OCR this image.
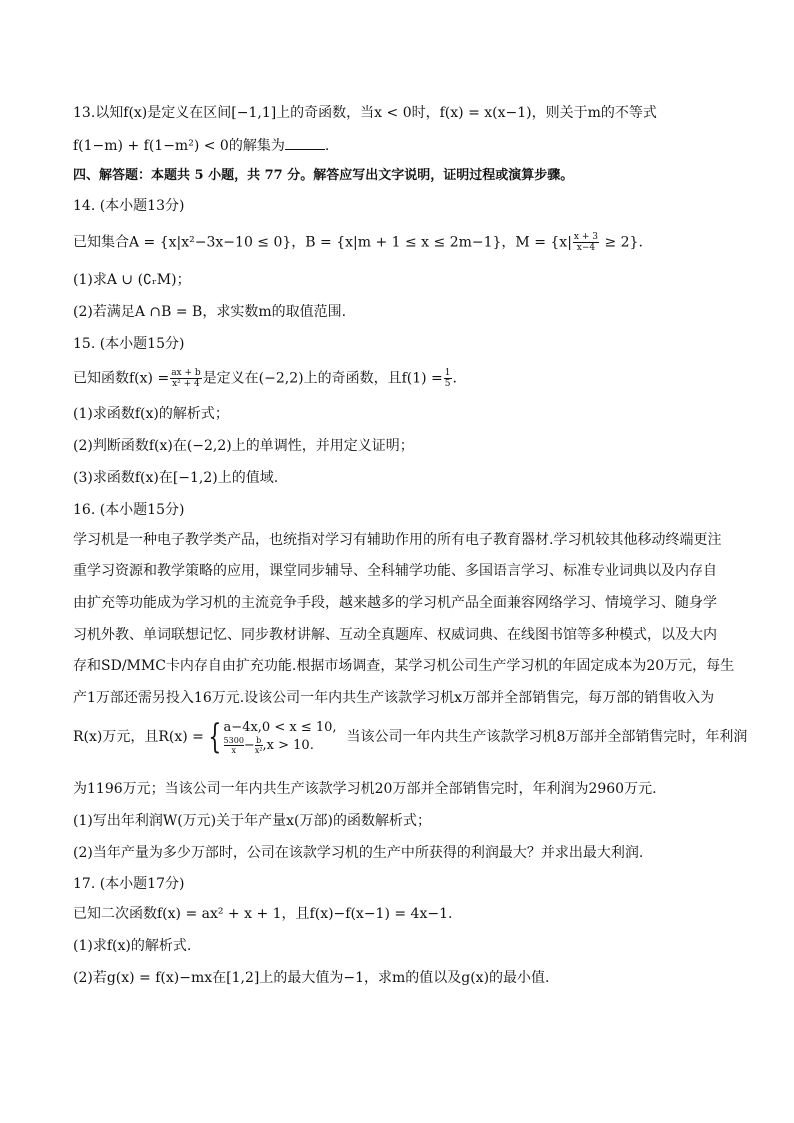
13.以知f(x)是定义在区间[−1,1]上的奇函数，当x < 0时，f(x) = x(x−1)，则关于m的不等式
f(1−m) + f(1−m²) < 0的解集为	.
四、解答题：本题共 5 小题，共 77 分。解答应写出文字说明，证明过程或演算步骤。
14. (本小题13分)
已知集合A = {x|x²−3x−10 ≤ 0}，B = {x|m + 1 ≤ x ≤ 2m−1}，$M = \{x| \frac{x + 3}{x-4} \ge 2\}$.
(1)求A ∪ (∁ᵣM)；
(2)若满足A ∩B = B，求实数m的取值范围.
15. (本小题15分)
已知函数$f(x) = \frac{ax + b}{\text{x² + 4}}$ 是定义在(−2,2)上的奇函数，且$f(1) = \frac{1}{5}$ .
(1)求函数f(x)的解析式；
(2)判断函数f(x)在(−2,2)上的单调性，并用定义证明；
(3)求函数f(x)在[−1,2)上的值域.
16. (本小题15分)
学习机是一种电子教学类产品，也统指对学习有辅助作用的所有电子教育器材.学习机较其他移动终端更注
重学习资源和教学策略的应用，课堂同步辅导、全科辅学功能、多国语言学习、标准专业词典以及内存自
由扩充等功能成为学习机的主流竞争手段，越来越多的学习机产品全面兼容网络学习、情境学习、随身学
习机外教、单词联想记忆、同步教材讲解、互动全真题库、权威词典、在线图书馆等多种模式，以及大内
存和SD/MMC卡内存自由扩充功能.根据市场调查，某学习机公司生产学习机的年固定成本为20万元，每生
产1万部还需另投入16万元.设该公司一年内共生产该款学习机x万部并全部销售完，每万部的销售收入为
R(x)万元，且R(x) = { a−4x,0 < x ≤ 10,
$\frac{5300}{x} - \frac{b}{\text{x²}} ,x > 10$.
当该公司一年内共生产该款学习机8万部并全部销售完时，年利润
为1196万元；当该公司一年内共生产该款学习机20万部并全部销售完时，年利润为2960万元.
(1)写出年利润W(万元)关于年产量x(万部)的函数解析式；
(2)当年产量为多少万部时，公司在该款学习机的生产中所获得的利润最大？并求出最大利润.
17. (本小题17分)
已知二次函数f(x) = ax² + x + 1，且f(x)−f(x−1) = 4x−1.
(1)求f(x)的解析式.
(2)若g(x) = f(x)−mx在[1,2]上的最大值为−1，求m的值以及g(x)的最小值.
